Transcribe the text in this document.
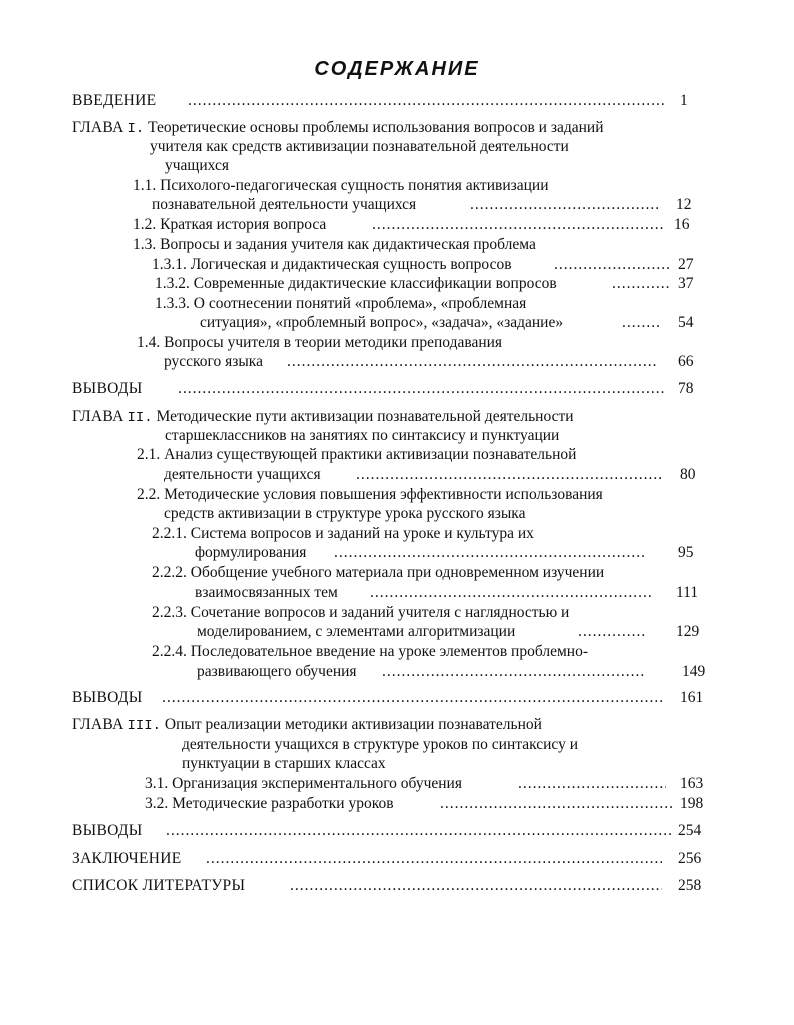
СОДЕРЖАНИЕ
ВВЕДЕНИЕ .....	1
ГЛАВА I. Теоретические основы проблемы использования вопросов и заданий
учителя как средств активизации познавательной деятельности
учащихся
1.1. Психолого-педагогическая сущность понятия активизации
познавательной деятельности учащихся .....	12
1.2. Краткая история вопроса .....	16
1.3. Вопросы и задания учителя как дидактическая проблема
1.3.1. Логическая и дидактическая сущность вопросов .....	27
1.3.2. Современные дидактические классификации вопросов .....	37
1.3.3. О соотнесении понятий «проблема», «проблемная
ситуация», «проблемный вопрос», «задача», «задание» .....	54
1.4. Вопросы учителя в теории методики преподавания
русского языка .....	66
ВЫВОДЫ .....	78
ГЛАВА II. Методические пути активизации познавательной деятельности
старшеклассников на занятиях по синтаксису и пунктуации
2.1. Анализ существующей практики активизации познавательной
деятельности учащихся .....	80
2.2. Методические условия повышения эффективности использования
средств активизации в структуре урока русского языка
2.2.1. Система вопросов и заданий на уроке и культура их
формулирования .....	95
2.2.2. Обобщение учебного материала при одновременном изучении
взаимосвязанных тем .....	111
2.2.3. Сочетание вопросов и заданий учителя с наглядностью и
моделированием, с элементами алгоритмизации .....	129
2.2.4. Последовательное введение на уроке элементов проблемно-
развивающего обучения .....	149
ВЫВОДЫ .....	161
ГЛАВА III. Опыт реализации методики активизации познавательной
деятельности учащихся в структуре уроков по синтаксису и
пунктуации в старших классах
3.1. Организация экспериментального обучения .....	163
3.2. Методические разработки уроков .....	198
ВЫВОДЫ .....	254
ЗАКЛЮЧЕНИЕ .....	256
СПИСОК ЛИТЕРАТУРЫ .....	258
